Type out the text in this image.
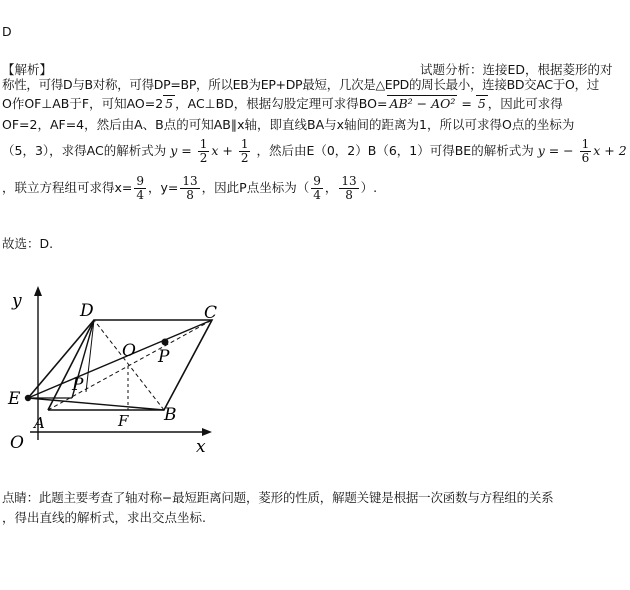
D
【解析】	试题分析：连接ED，根据菱形的对
称性，可得D与B对称，可得DP=BP，所以EB为EP+DP最短，几次是△EPD的周长最小，连接BD交AC于O，过
O作OF⊥AB于F，可知AO=2 5 ，AC⊥BD，根据勾股定理可求得BO= AB² − AO² = 5 ，因此可求得
OF=2，AF=4，然后由A、B点的可知AB∥x轴，即直线BA与x轴间的距离为1，所以可求得O点的坐标为
（5，3），求得AC的解析式为 $y = \frac{1}{2}$ $x + \frac{1}{2}$ ，然后由E（0，2）B（6，1）可得BE的解析式为 y = − $\frac{1}{6}$ x + 2
，联立方程组可求得$x= \frac{9}{4}$ ，$y= \frac{13}{8}$ ，因此P点坐标为（ $\frac{9}{4}$ ， $\frac{13}{8}$ ）.
故选：D.
y
x
O
D	C
O P
P
E
A	F B
点睛：此题主要考查了轴对称−最短距离问题，菱形的性质，解题关键是根据一次函数与方程组的关系
，得出直线的解析式，求出交点坐标.
